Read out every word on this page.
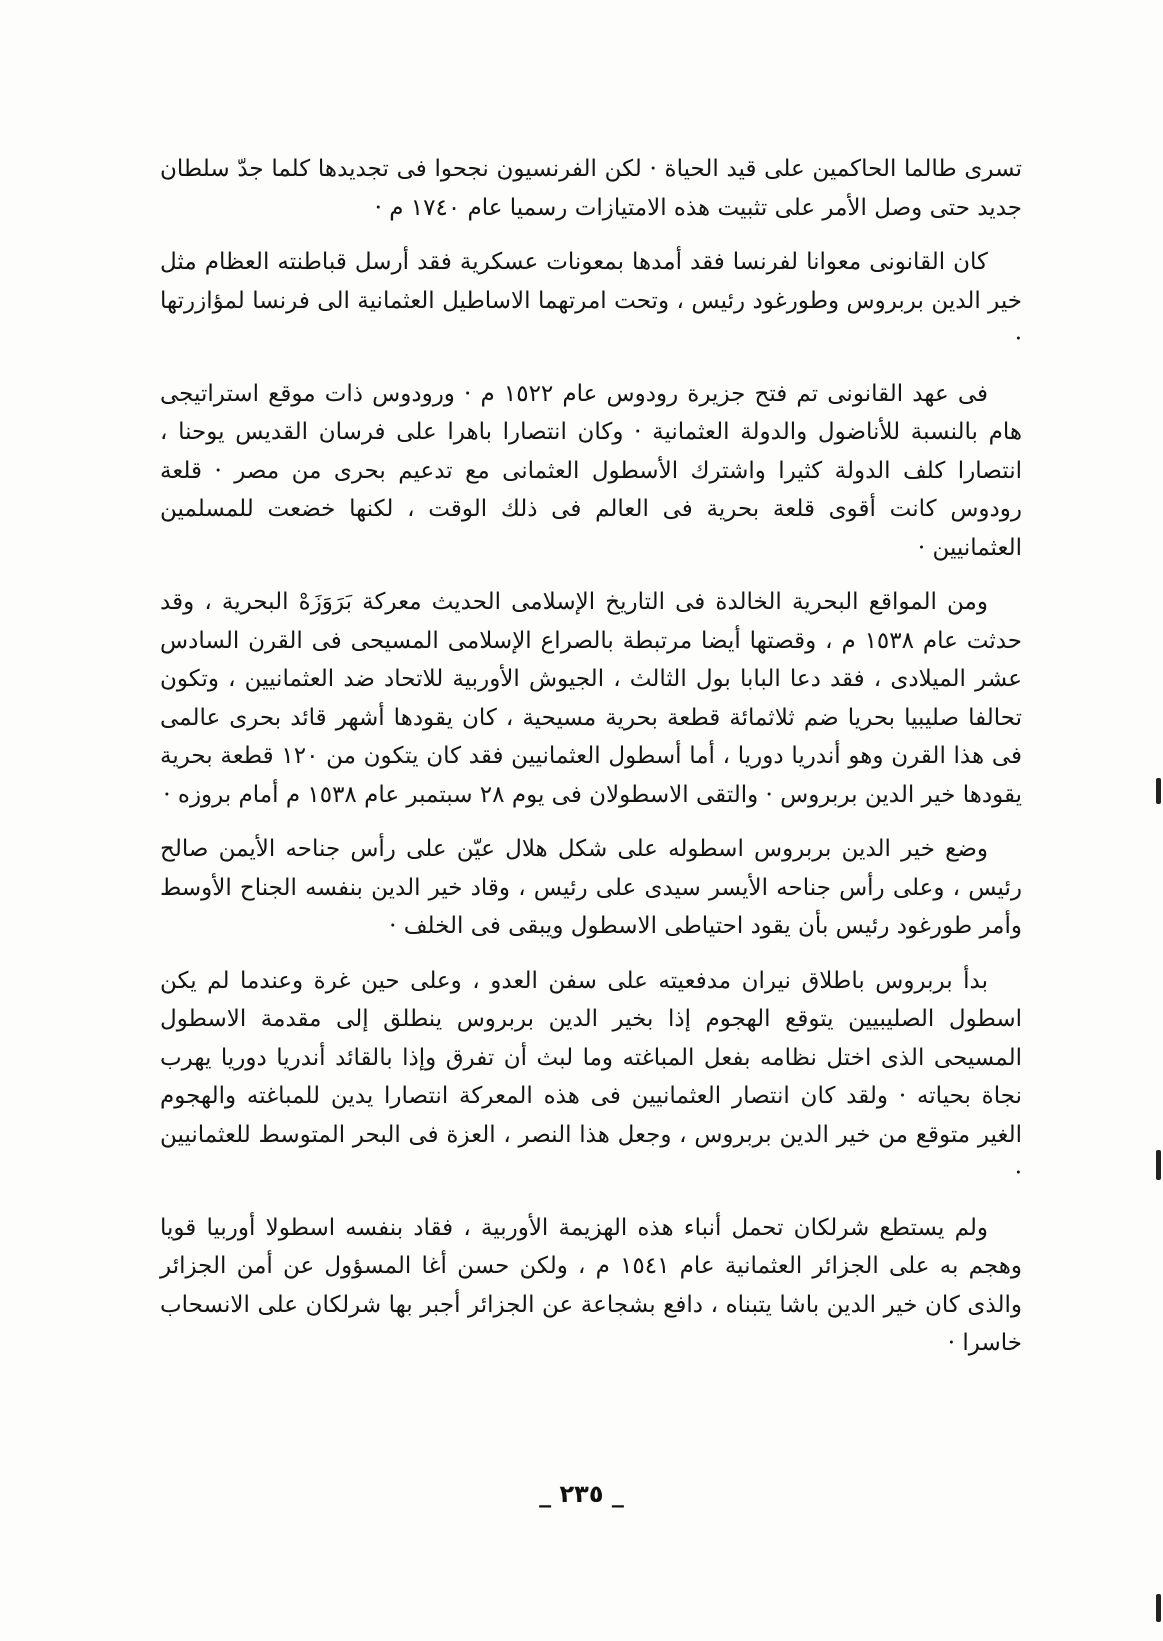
تسرى طالما الحاكمين على قيد الحياة · لكن الفرنسيون نجحوا فى تجديدها كلما جدّ سلطان جديد حتى وصل الأمر على تثبيت هذه الامتيازات رسميا عام ١٧٤٠ م ·

كان القانونى معوانا لفرنسا فقد أمدها بمعونات عسكرية فقد أرسل قباطنته العظام مثل خير الدين بربروس وطورغود رئيس ، وتحت امرتهما الاساطيل العثمانية الى فرنسا لمؤازرتها ·

فى عهد القانونى تم فتح جزيرة رودوس عام ١٥٢٢ م · ورودوس ذات موقع استراتيجى هام بالنسبة للأناضول والدولة العثمانية · وكان انتصارا باهرا على فرسان القديس يوحنا ، انتصارا كلف الدولة كثيرا واشترك الأسطول العثمانى مع تدعيم بحرى من مصر · قلعة رودوس كانت أقوى قلعة بحرية فى العالم فى ذلك الوقت ، لكنها خضعت للمسلمين العثمانيين ·

ومن المواقع البحرية الخالدة فى التاريخ الإسلامى الحديث معركة بَرَوَزَهْ البحرية ، وقد حدثت عام ١٥٣٨ م ، وقصتها أيضا مرتبطة بالصراع الإسلامى المسيحى فى القرن السادس عشر الميلادى ، فقد دعا البابا بول الثالث ، الجيوش الأوربية للاتحاد ضد العثمانيين ، وتكون تحالفا صليبيا بحريا ضم ثلاثمائة قطعة بحرية مسيحية ، كان يقودها أشهر قائد بحرى عالمى فى هذا القرن وهو أندريا دوريا ، أما أسطول العثمانيين فقد كان يتكون من ١٢٠ قطعة بحرية يقودها خير الدين بربروس · والتقى الاسطولان فى يوم ٢٨ سبتمبر عام ١٥٣٨ م أمام بروزه ·

وضع خير الدين بربروس اسطوله على شكل هلال عيّن على رأس جناحه الأيمن صالح رئيس ، وعلى رأس جناحه الأيسر سيدى على رئيس ، وقاد خير الدين بنفسه الجناح الأوسط وأمر طورغود رئيس بأن يقود احتياطى الاسطول ويبقى فى الخلف ·

بدأ بربروس باطلاق نيران مدفعيته على سفن العدو ، وعلى حين غرة وعندما لم يكن اسطول الصليبيين يتوقع الهجوم إذا بخير الدين بربروس ينطلق إلى مقدمة الاسطول المسيحى الذى اختل نظامه بفعل المباغته وما لبث أن تفرق وإذا بالقائد أندريا دوريا يهرب نجاة بحياته · ولقد كان انتصار العثمانيين فى هذه المعركة انتصارا يدين للمباغته والهجوم الغير متوقع من خير الدين بربروس ، وجعل هذا النصر ، العزة فى البحر المتوسط للعثمانيين ·

ولم يستطع شرلكان تحمل أنباء هذه الهزيمة الأوربية ، فقاد بنفسه اسطولا أوربيا قويا وهجم به على الجزائر العثمانية عام ١٥٤١ م ، ولكن حسن أغا المسؤول عن أمن الجزائر والذى كان خير الدين باشا يتبناه ، دافع بشجاعة عن الجزائر أجبر بها شرلكان على الانسحاب خاسرا ·

_ ٢٣٥ _
